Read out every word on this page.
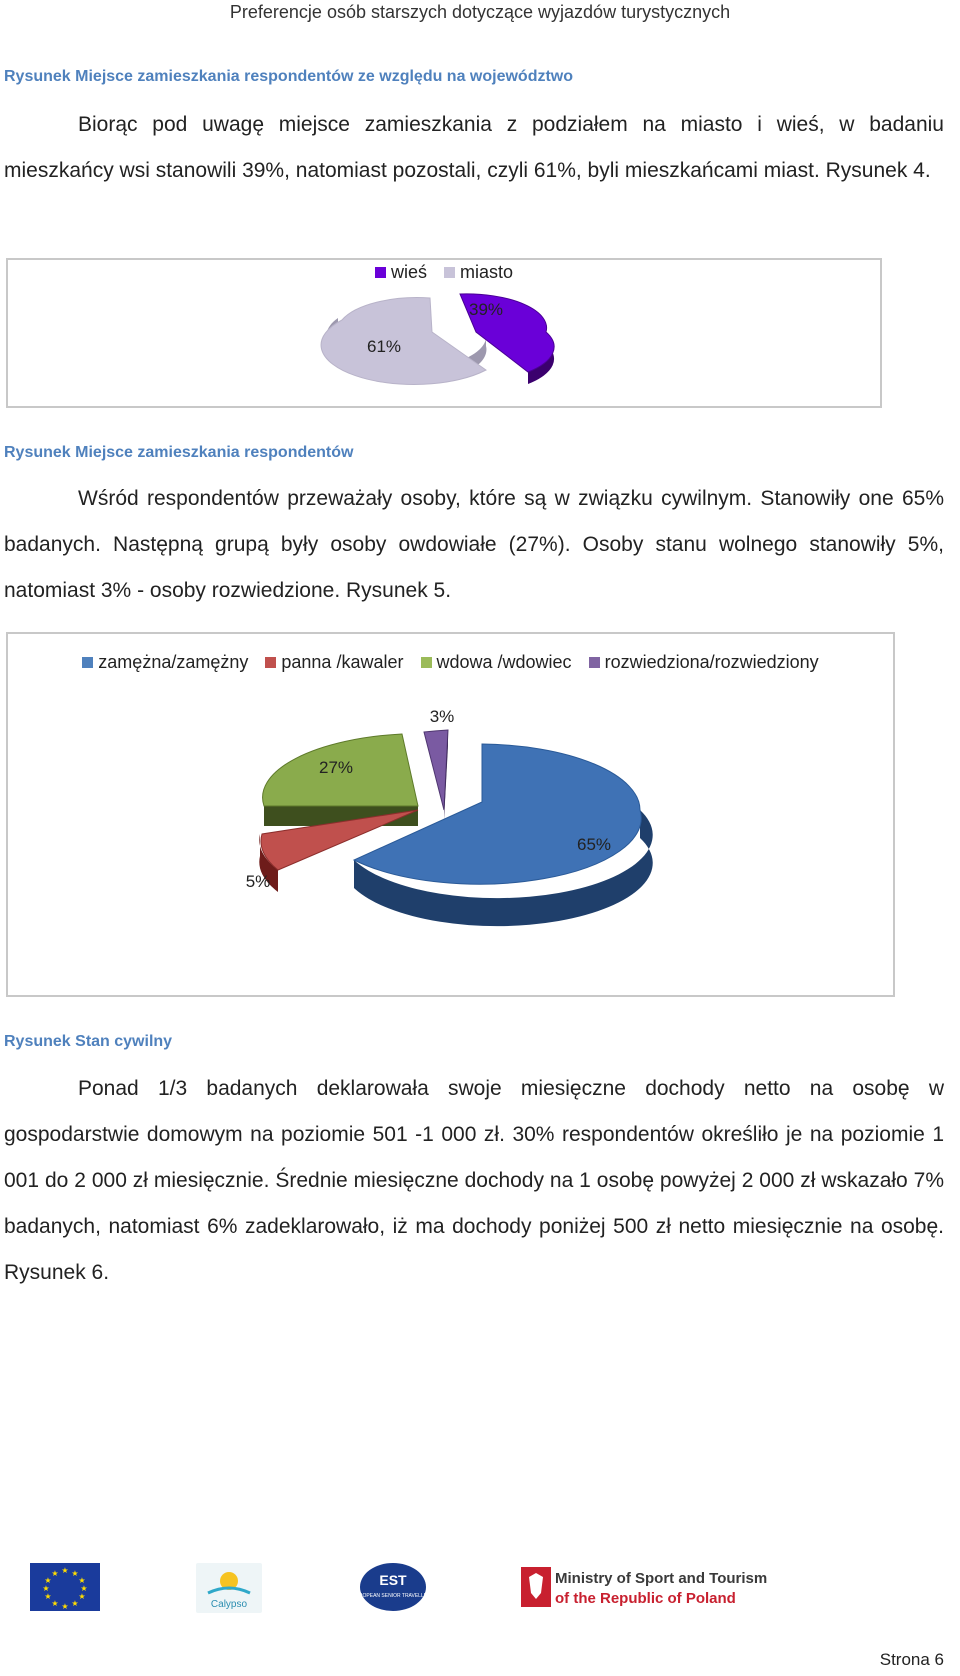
Preferencje osób starszych dotyczące wyjazdów turystycznych
Rysunek Miejsce zamieszkania respondentów ze względu na województwo

Biorąc pod uwagę miejsce zamieszkania z podziałem na miasto i wieś, w badaniu mieszkańcy wsi stanowili 39%, natomiast pozostali, czyli 61%, byli mieszkańcami miast. Rysunek 4.

wieś miasto
39%
61%
Rysunek Miejsce zamieszkania respondentów

Wśród respondentów przeważały osoby, które są w związku cywilnym. Stanowiły one 65% badanych. Następną grupą były osoby owdowiałe (27%). Osoby stanu wolnego stanowiły 5%, natomiast 3% - osoby rozwiedzione. Rysunek 5.

zamężna/zamężny panna /kawaler wdowa /wdowiec rozwiedziona/rozwiedziony
65%
5%
27%
3%
Rysunek Stan cywilny

Ponad 1/3 badanych deklarowała swoje miesięczne dochody netto na osobę w gospodarstwie domowym na poziomie 501 -1 000 zł. 30% respondentów określiło je na poziomie 1 001 do 2 000 zł miesięcznie. Średnie miesięczne dochody na 1 osobę powyżej 2 000 zł wskazało 7% badanych, natomiast 6% zadeklarowało, iż ma dochody poniżej 500 zł netto miesięcznie na osobę. Rysunek 6.

★ ★
★
★
★
★
★
★
★
★
★
★
Calypso
EST
EUROPEAN SENIOR TRAVELLERS
Ministry of Sport and Tourism
of the Republic of Poland
Strona 6
